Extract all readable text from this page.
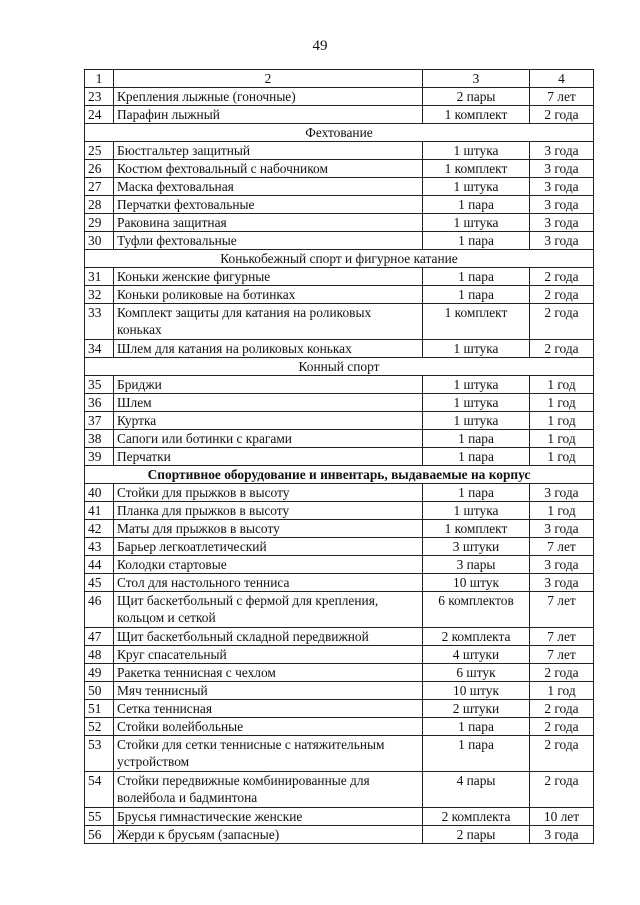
49
1	2	3	4
23	Крепления лыжные (гоночные)	2 пары	7 лет
24	Парафин лыжный	1 комплект	2 года
Фехтование			
25	Бюстгальтер защитный	1 штука	3 года
26	Костюм фехтовальный с набочником	1 комплект	3 года
27	Маска фехтовальная	1 штука	3 года
28	Перчатки фехтовальные	1 пара	3 года
29	Раковина защитная	1 штука	3 года
30	Туфли фехтовальные	1 пара	3 года
Конькобежный спорт и фигурное катание			
31	Коньки женские фигурные	1 пара	2 года
32	Коньки роликовые на ботинках	1 пара	2 года
33	Комплект защиты для катания на роликовых коньках	1 комплект	2 года
34	Шлем для катания на роликовых коньках	1 штука	2 года
Конный спорт			
35	Бриджи	1 штука	1 год
36	Шлем	1 штука	1 год
37	Куртка	1 штука	1 год
38	Сапоги или ботинки с крагами	1 пара	1 год
39	Перчатки	1 пара	1 год
Спортивное оборудование и инвентарь, выдаваемые на корпус			
40	Стойки для прыжков в высоту	1 пара	3 года
41	Планка для прыжков в высоту	1 штука	1 год
42	Маты для прыжков в высоту	1 комплект	3 года
43	Барьер легкоатлетический	3 штуки	7 лет
44	Колодки стартовые	3 пары	3 года
45	Стол для настольного тенниса	10 штук	3 года
46	Щит баскетбольный с фермой для крепления, кольцом и сеткой	6 комплектов	7 лет
47	Щит баскетбольный складной передвижной	2 комплекта	7 лет
48	Круг спасательный	4 штуки	7 лет
49	Ракетка теннисная с чехлом	6 штук	2 года
50	Мяч теннисный	10 штук	1 год
51	Сетка теннисная	2 штуки	2 года
52	Стойки волейбольные	1 пара	2 года
53	Стойки для сетки теннисные с натяжительным устройством	1 пара	2 года
54	Стойки передвижные комбинированные для волейбола и бадминтона	4 пары	2 года
55	Брусья гимнастические женские	2 комплекта	10 лет
56	Жерди к брусьям (запасные)	2 пары	3 года
